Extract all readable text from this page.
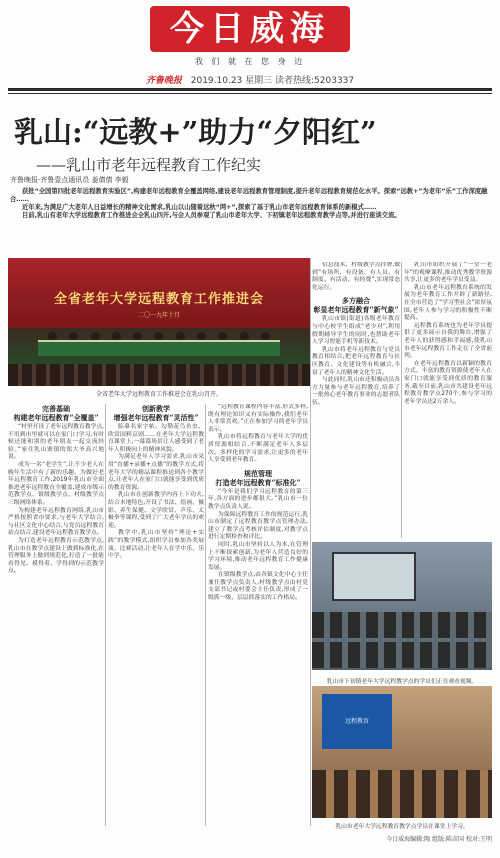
今日威海
我 们 就 在 您 身 边
齐鲁晚报 2019.10.23 星期三 读者热线:5203337
乳山:“远教+”助力“夕阳红”
——乳山市老年远程教育工作纪实
齐鲁晚报·齐鲁壹点通讯员 姜倩倩 李毅

获批“全国第四批老年远程教育实验区”,构建老年远程教育全覆盖网络,建设老年远程教育管理制度,提升老年远程教育规范化水平。探索“远教+”为老年“乐”工作深度融合……

近年来,为满足广大老年人日益增长的精神文化需求,乳山以山随着远秋“网+”,探索了基于乳山市老年远程教育体系的新模式……

目前,乳山有老年大学远程教育工作推进会全乳山四开,与会人员参观了乳山市老年大学、下初镇老年远程教育教学点等,并进行座谈交流。

全省老年大学远程教育工作推进会
二〇一九年十月
全省老年大学远程教育工作推进会在乳山召开。
完善基础
构建老年远程教育“全覆盖”

“村里开设了老年远程教育教学点,不用到市里就可以在家门口学习,有时候还能和别的老年朋友一起交流经验。”家住乳山寨镇的郑大爷高兴地说。

成为一名“老学生”,让不少老人在晚年生活中有了新的乐趣。为做好老年远程教育工作,2019年乳山市全面推进老年远程教育全覆盖,建成市级示范教学点、镇级教学点、村级教学点三级网络体系。

为构建老年远程教育网络,乳山市严格按照省市要求,与老年大学结合,与社区文化中心结合,与党员远程教育站点结合,建设老年远程教育教学点。

为打造老年远程教育示范教学点,乳山市在教学点建设上做到标准化,在管理服务上做到规范化,打造了一批能看得见、摸得着、学得到的示范教学点。

创新教学
增强老年远程教育“灵活性”

临摹名家字帖、勾勒花鸟鱼虫、欣赏国粹京剧……在老年大学远程教育课堂上,一幕幕场景让人感受到了老年人积极向上的精神风貌。

为满足老年人学习需求,乳山市采用“直播+录播+点播”的教学方式,将老年大学的精品课程推送到各个教学点,让老年人在家门口就能享受到优质的教育资源。

乳山市在创新教学内容上下功夫,结合本地特色,开设了书法、绘画、摄影、养生保健、文学欣赏、声乐、太极拳等课程,受到了广大老年学员的欢迎。

教学中,乳山市坚持“理论+实践”的教学模式,组织学员参加各类展演、比赛活动,让老年人在学中乐、乐中学。

“远程教育课程内容丰富,形式多样,既有理论知识又有实际操作,我们老年人非常喜欢。”正在参加学习的老年学员表示。

乳山市将远程教育与老年大学的优质资源相结合,不断满足老年人多层次、多样化的学习需求,让更多的老年人享受到老年教育。

规范管理
打造老年远程教育“标准化”

“今年是我们学习远程教育的第三年,各方面的进步都很大。”乳山市一位教学点负责人说。

为保障远程教育工作的规范运行,乳山市制定了远程教育教学点管理办法,建立了教学点考核评估制度,对教学点进行定期检查和评比。

同时,乳山市坚持以人为本,在管理上不断探索创新,为老年人营造良好的学习环境,推动老年远程教育工作健康发展。

在镇级教学点,由各镇文化中心主任兼任教学点负责人,村级教学点由村党支部书记或村委会主任负责,形成了一级抓一级、层层抓落实的工作格局。

信息技术、村级教学点挂牌,做到“有场所、有设备、有人员、有制度、有活动、有经费”,实现常态化运行。

多方融合
彰显老年远程教育“新气象”

乳山市镇(街道)各级老年教育与中心校学生组成“老少对”,利用假期辅导学生的同时,也帮助老年人学习智能手机等新技术。

乳山市将老年远程教育与党员教育相结合,把老年远程教育与社区教育、文化建设等有机融合,丰富了老年人的精神文化生活。

与此同时,乳山市还积极动员各方力量参与老年远程教育,培养了一批热心老年教育事业的志愿者队伍。

乳山市组织开展了“一堂一老年”的观摩课程,推动优秀教学资源共享,让更多的老年学员受益。

乳山市老年远程教育系统的发展为老年教育工作开辟了新路径,在全市营造了“学习型社会”浓厚氛围,老年人参与学习的积极性不断提高。

远程教育系统也为老年学员提供了更多展示自我的舞台,增强了老年人的获得感和幸福感,使乳山市老年远程教育工作走在了全省前列。

在老年远程教育以新颖的教育方式、丰富的教育资源使老年人在家门口就能享受到优质的教育服务,截至目前,乳山市共建设老年远程教育教学点270个,参与学习的老年学员达2万余人。

乳山市下初镇老年大学远程教学点的学员们正在观看视频。
远程教育
乳山市老年大学远程教育教学点学员在课堂上学习。
今日威海编辑:陶 组版:陈彦国 校对:王明
